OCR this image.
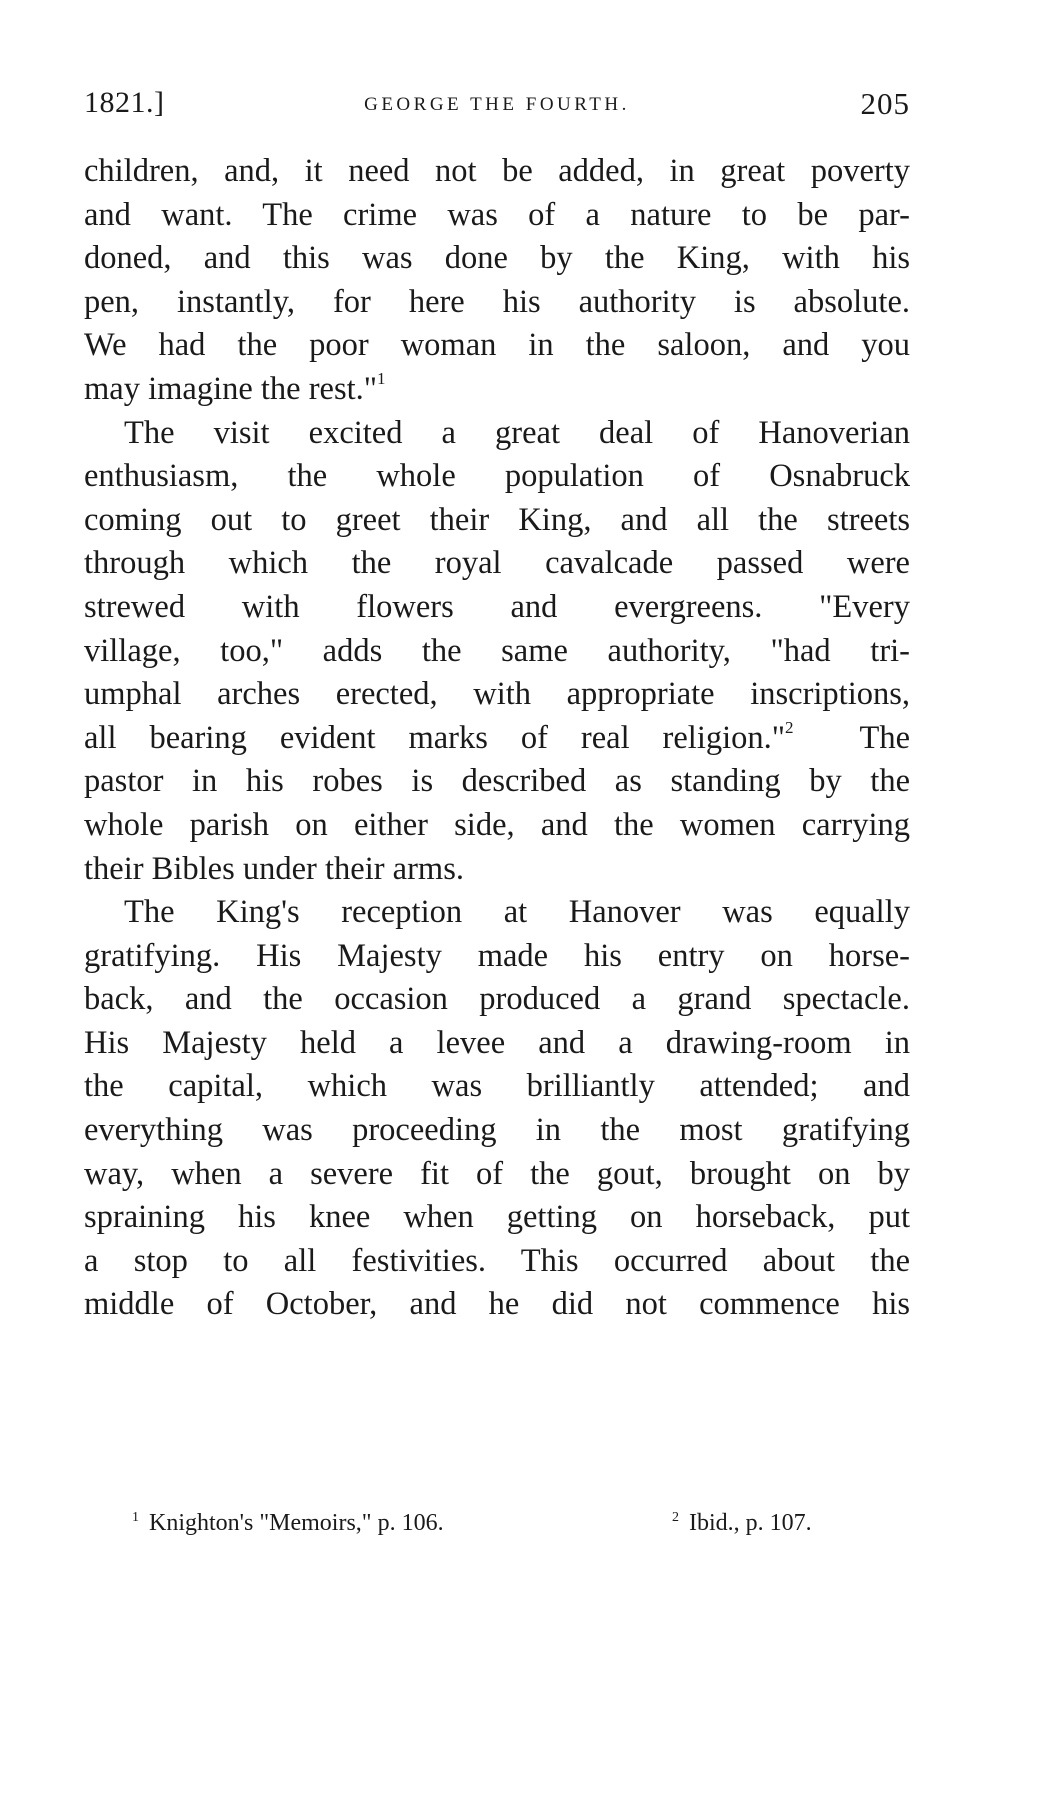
1821.]	GEORGE THE FOURTH.	205
children, and, it need not be added, in great poverty
and want. The crime was of a nature to be par-
doned, and this was done by the King, with his
pen, instantly, for here his authority is absolute.
We had the poor woman in the saloon, and you
may imagine the rest."$^1$
The visit excited a great deal of Hanoverian
enthusiasm, the whole population of Osnabruck
coming out to greet their King, and all the streets
through which the royal cavalcade passed were
strewed with flowers and evergreens. "Every
village, too," adds the same authority, "had tri-
umphal arches erected, with appropriate inscriptions,
all bearing evident marks of real religion."$^2$ The
pastor in his robes is described as standing by the
whole parish on either side, and the women carrying
their Bibles under their arms.
The King's reception at Hanover was equally
gratifying. His Majesty made his entry on horse-
back, and the occasion produced a grand spectacle.
His Majesty held a levee and a drawing-room in
the capital, which was brilliantly attended; and
everything was proceeding in the most gratifying
way, when a severe fit of the gout, brought on by
spraining his knee when getting on horseback, put
a stop to all festivities. This occurred about the
middle of October, and he did not commence his
$^1$ Knighton's "Memoirs," p. 106.	$^2$ Ibid., p. 107.
